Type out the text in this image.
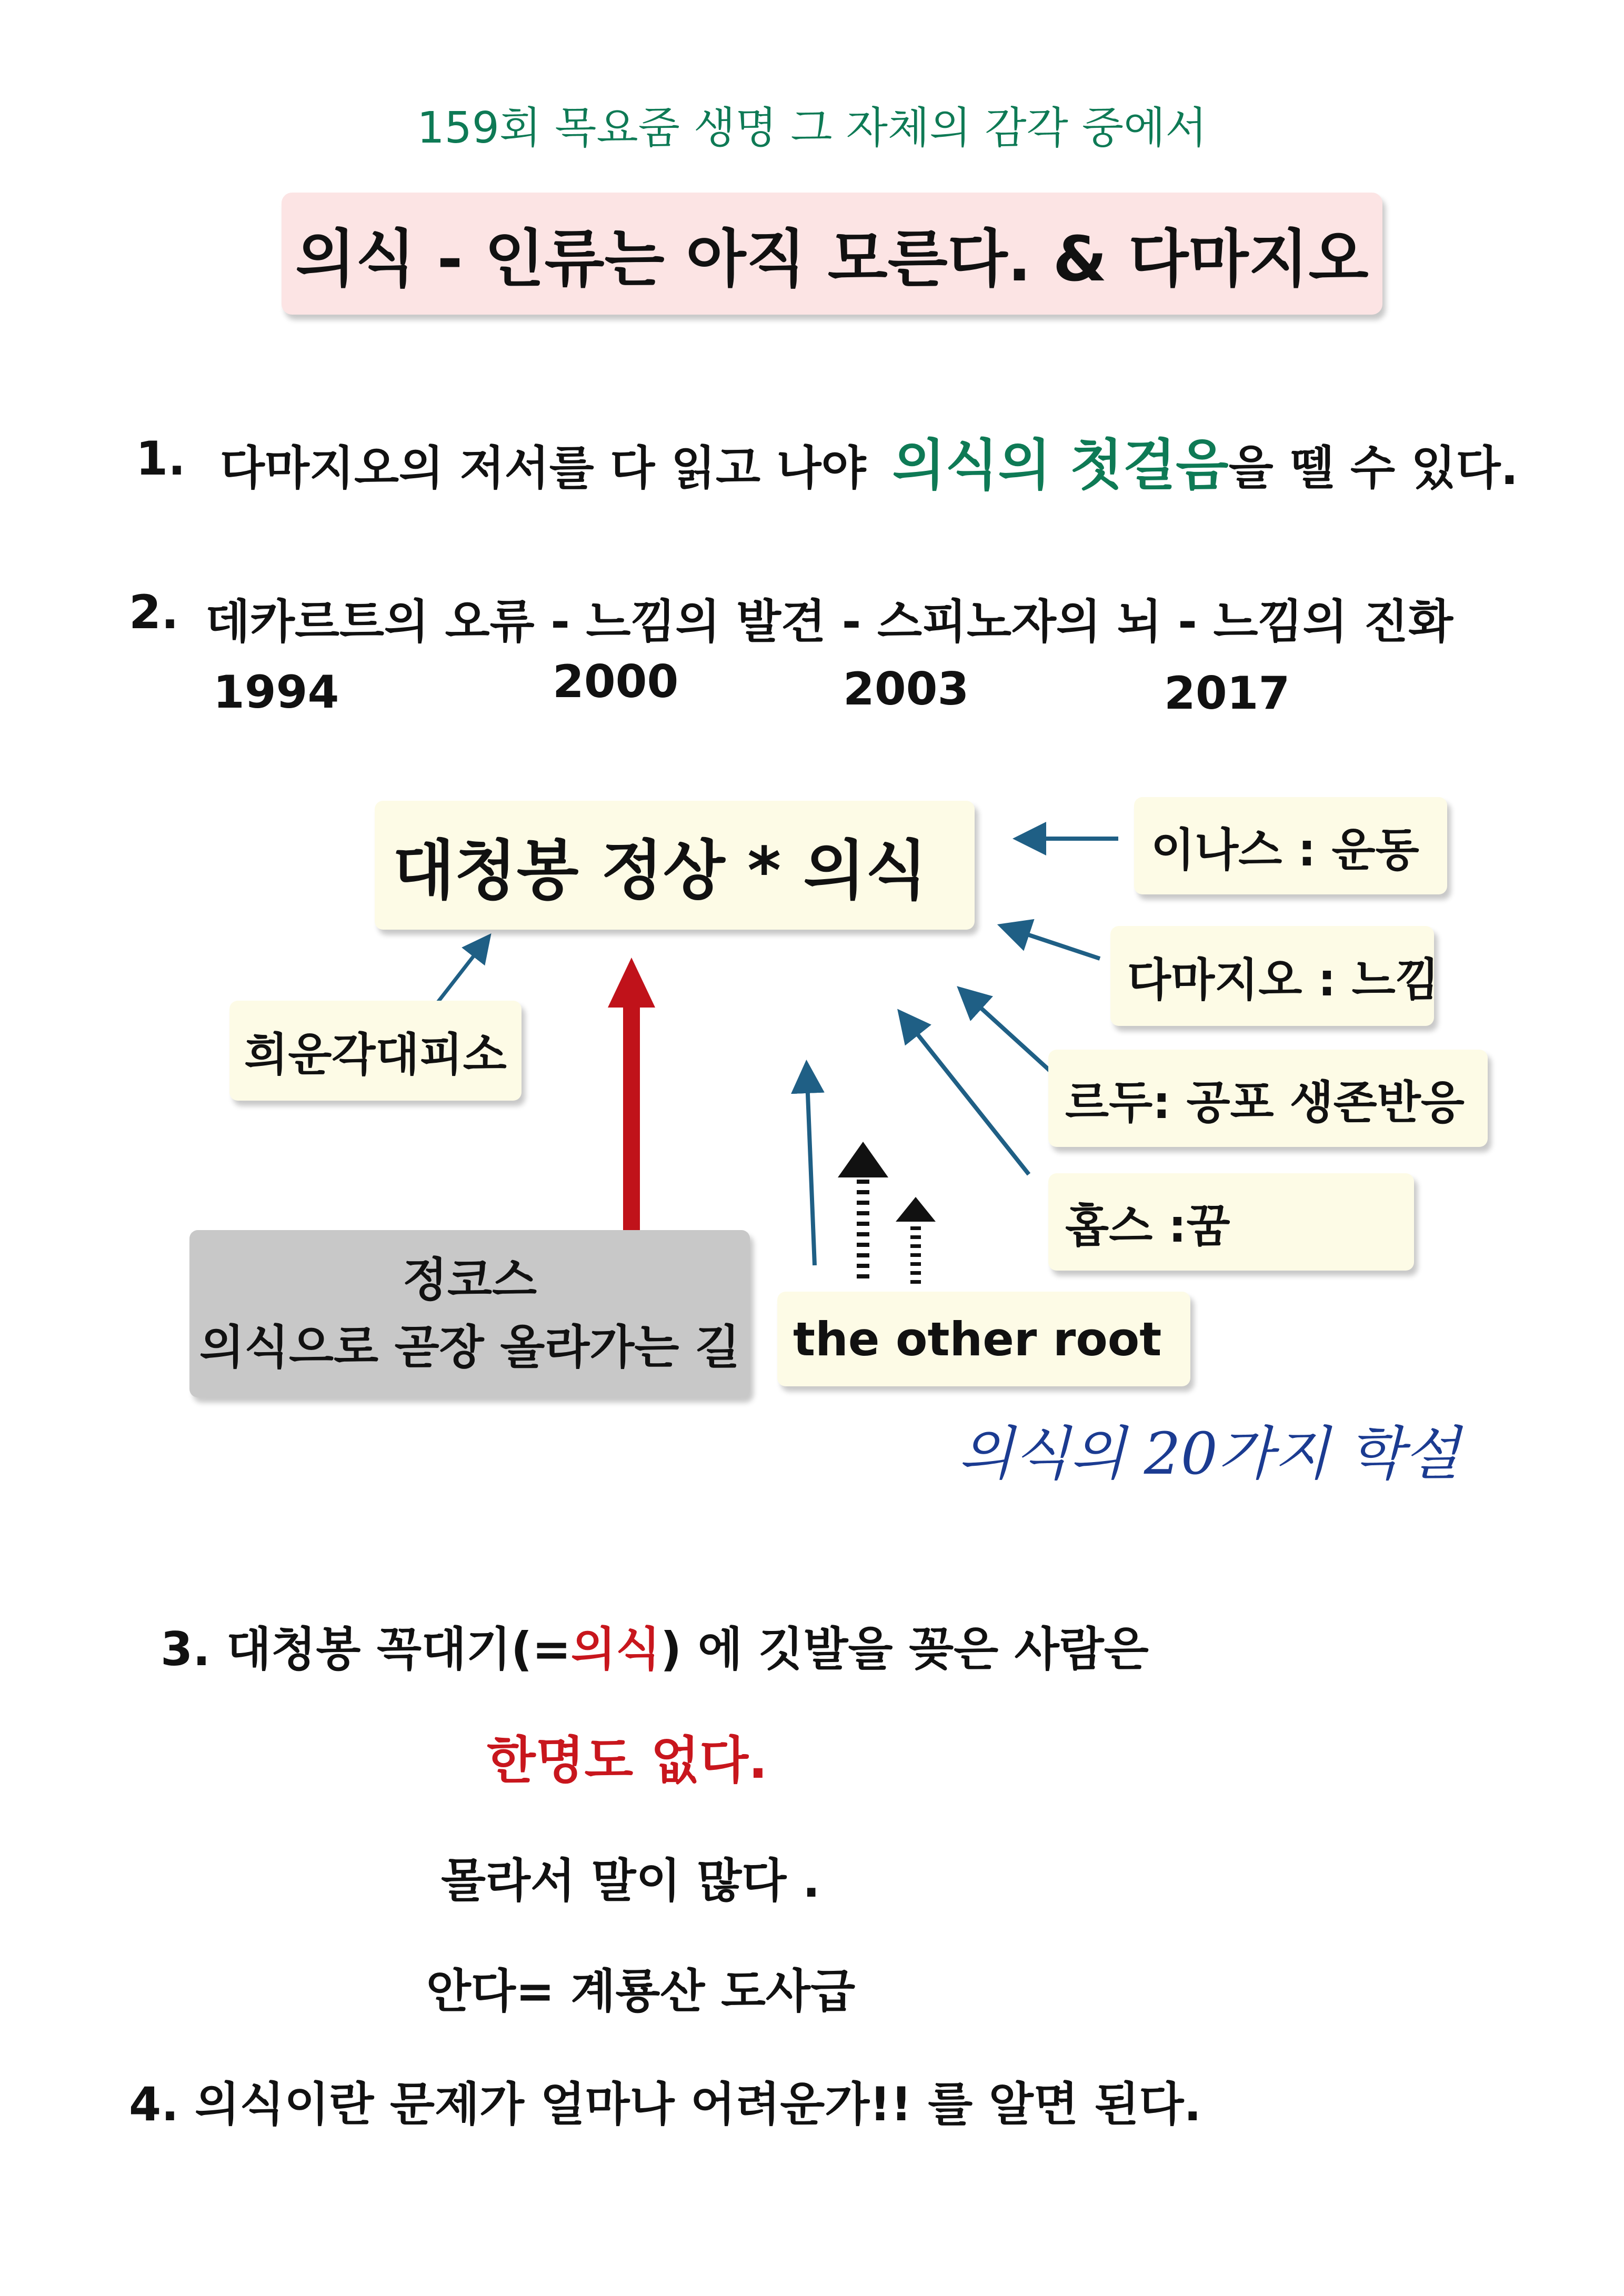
159회 목요줌 생명 그 자체의 감각 중에서
의식 - 인류는 아직 모른다. & 다마지오
1. 다마지오의 저서를 다 읽고 나야 의식의 첫걸음 을 뗄 수 있다.
2. 데카르트의 오류 - 느낌의 발견 - 스피노자의 뇌 - 느낌의 진화
1994	2000	2003	2017
대청봉 정상 * 의식
희운각대피소
정코스
의식으로 곧장 올라가는 길 the other root
이나스 : 운동
다마지오 : 느낌
르두: 공포 생존반응
홉스 :꿈
의식의 20가지 학설
3. 대청봉 꼭대기(= 의식 ) 에 깃발을 꽂은 사람은
한명도 없다.
몰라서 말이 많다 .
안다= 계룡산 도사급
4. 의식이란 문제가 얼마나 어려운가!! 를 알면 된다.
